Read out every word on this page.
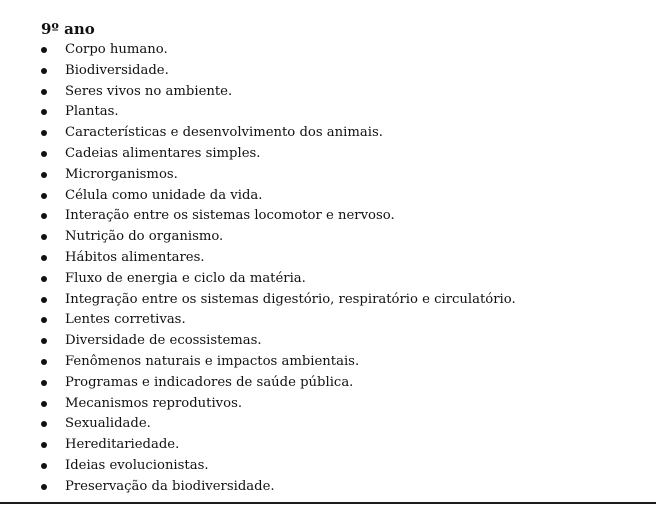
9º ano
Corpo humano.
Biodiversidade.
Seres vivos no ambiente.
Plantas.
Características e desenvolvimento dos animais.
Cadeias alimentares simples.
Microrganismos.
Célula como unidade da vida.
Interação entre os sistemas locomotor e nervoso.
Nutrição do organismo.
Hábitos alimentares.
Fluxo de energia e ciclo da matéria.
Integração entre os sistemas digestório, respiratório e circulatório.
Lentes corretivas.
Diversidade de ecossistemas.
Fenômenos naturais e impactos ambientais.
Programas e indicadores de saúde pública.
Mecanismos reprodutivos.
Sexualidade.
Hereditariedade.
Ideias evolucionistas.
Preservação da biodiversidade.
